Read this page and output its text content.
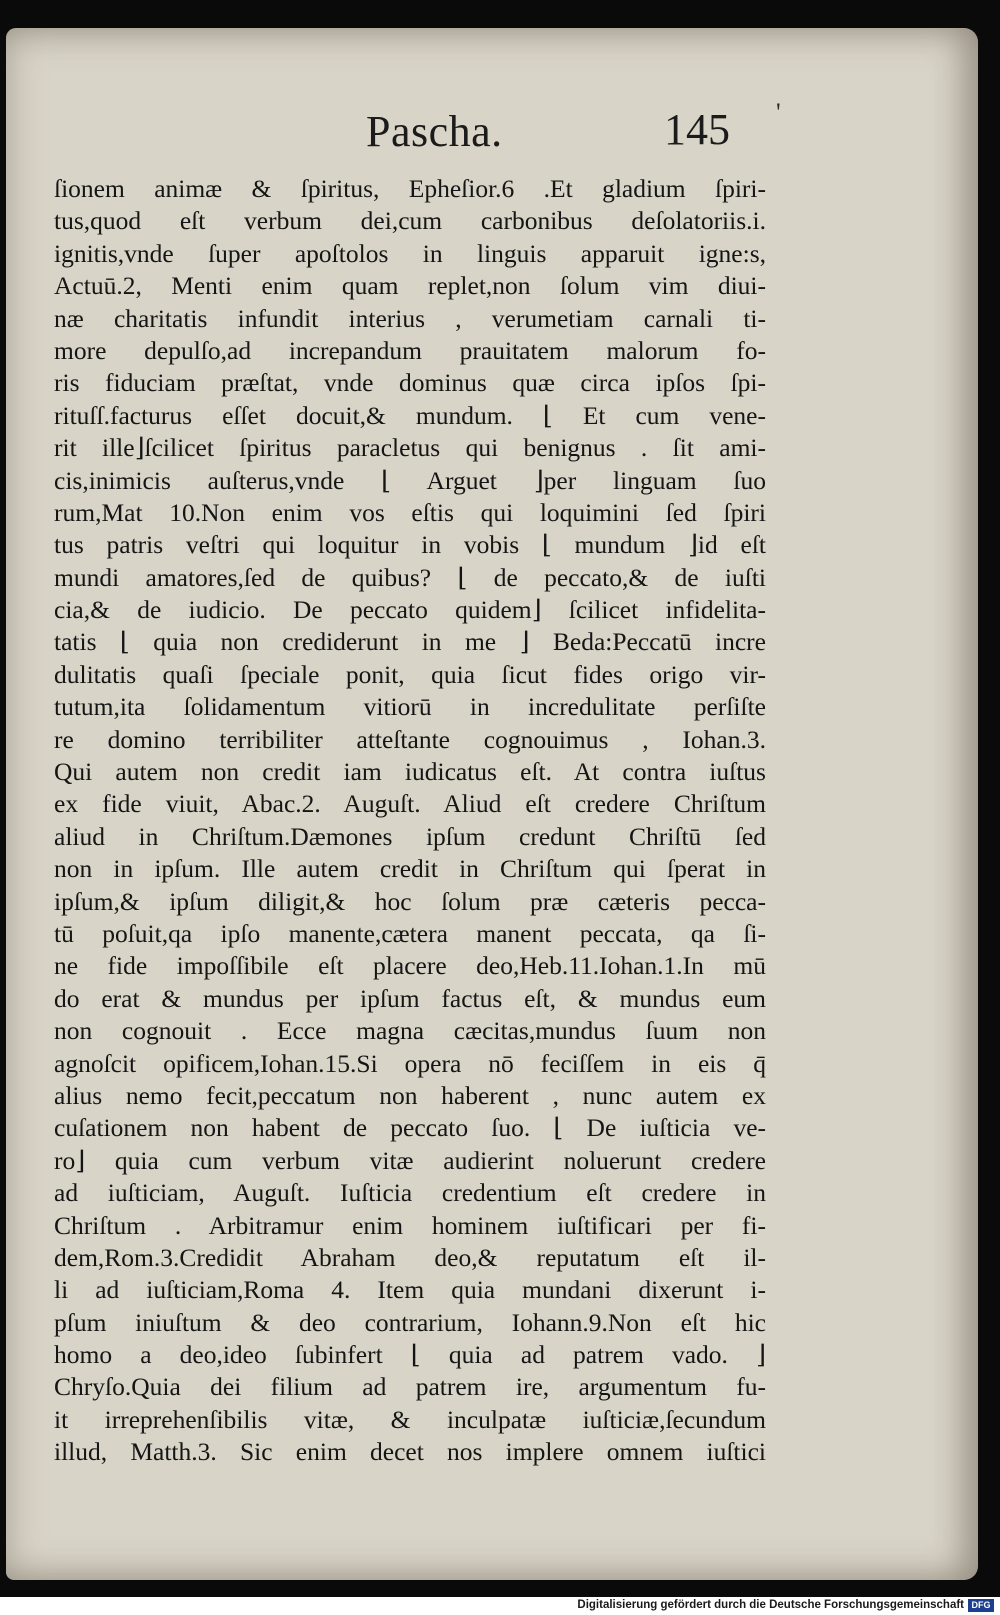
Pascha.	145 '
ſionem animæ & ſpiritus, Epheſior.6 .Et gladium ſpiri-
tus,quod eſt verbum dei,cum carbonibus deſolatoriis.i.
ignitis,vnde ſuper apoſtolos in linguis apparuit igne:s,
Actuū.2, Menti enim quam replet,non ſolum vim diui-
næ charitatis infundit interius , verumetiam carnali ti-
more depulſo,ad increpandum prauitatem malorum fo-
ris fiduciam præſtat, vnde dominus quæ circa ipſos ſpi-
rituſſ.facturus eſſet docuit,& mundum. ⌊ Et cum vene-
rit ille⌋ſcilicet ſpiritus paracletus qui benignus . ſit ami-
cis,inimicis auſterus,vnde ⌊ Arguet ⌋per linguam ſuo
rum,Mat 10.Non enim vos eſtis qui loquimini ſed ſpiri
tus patris veſtri qui loquitur in vobis ⌊ mundum ⌋id eſt
mundi amatores,ſed de quibus? ⌊ de peccato,& de iuſti
cia,& de iudicio. De peccato quidem⌋ ſcilicet infidelita-
tatis ⌊ quia non crediderunt in me ⌋ Beda:Peccatū incre
dulitatis quaſi ſpeciale ponit, quia ſicut fides origo vir-
tutum,ita ſolidamentum vitiorū in incredulitate perſiſte
re domino terribiliter atteſtante cognouimus , Iohan.3.
Qui autem non credit iam iudicatus eſt. At contra iuſtus
ex fide viuit, Abac.2. Auguſt. Aliud eſt credere Chriſtum
aliud in Chriſtum.Dæmones ipſum credunt Chriſtū ſed
non in ipſum. Ille autem credit in Chriſtum qui ſperat in
ipſum,& ipſum diligit,& hoc ſolum præ cæteris pecca-
tū poſuit,qa ipſo manente,cætera manent peccata, qa ſi-
ne fide impoſſibile eſt placere deo,Heb.11.Iohan.1.In mū
do erat & mundus per ipſum factus eſt, & mundus eum
non cognouit . Ecce magna cæcitas,mundus ſuum non
agnoſcit opificem,Iohan.15.Si opera nō feciſſem in eis q̄
alius nemo fecit,peccatum non haberent , nunc autem ex
cuſationem non habent de peccato ſuo. ⌊ De iuſticia ve-
ro⌋ quia cum verbum vitæ audierint noluerunt credere
ad iuſticiam, Auguſt. Iuſticia credentium eſt credere in
Chriſtum . Arbitramur enim hominem iuſtificari per fi-
dem,Rom.3.Credidit Abraham deo,& reputatum eſt il-
li ad iuſticiam,Roma 4. Item quia mundani dixerunt i-
pſum iniuſtum & deo contrarium, Iohann.9.Non eſt hic
homo a deo,ideo ſubinfert ⌊ quia ad patrem vado. ⌋
Chryſo.Quia dei filium ad patrem ire, argumentum fu-
it irreprehenſibilis vitæ, & inculpatæ iuſticiæ,ſecundum
illud, Matth.3. Sic enim decet nos implere omnem iuſtici
Digitalisierung gefördert durch die Deutsche Forschungsgemeinschaft DFG
